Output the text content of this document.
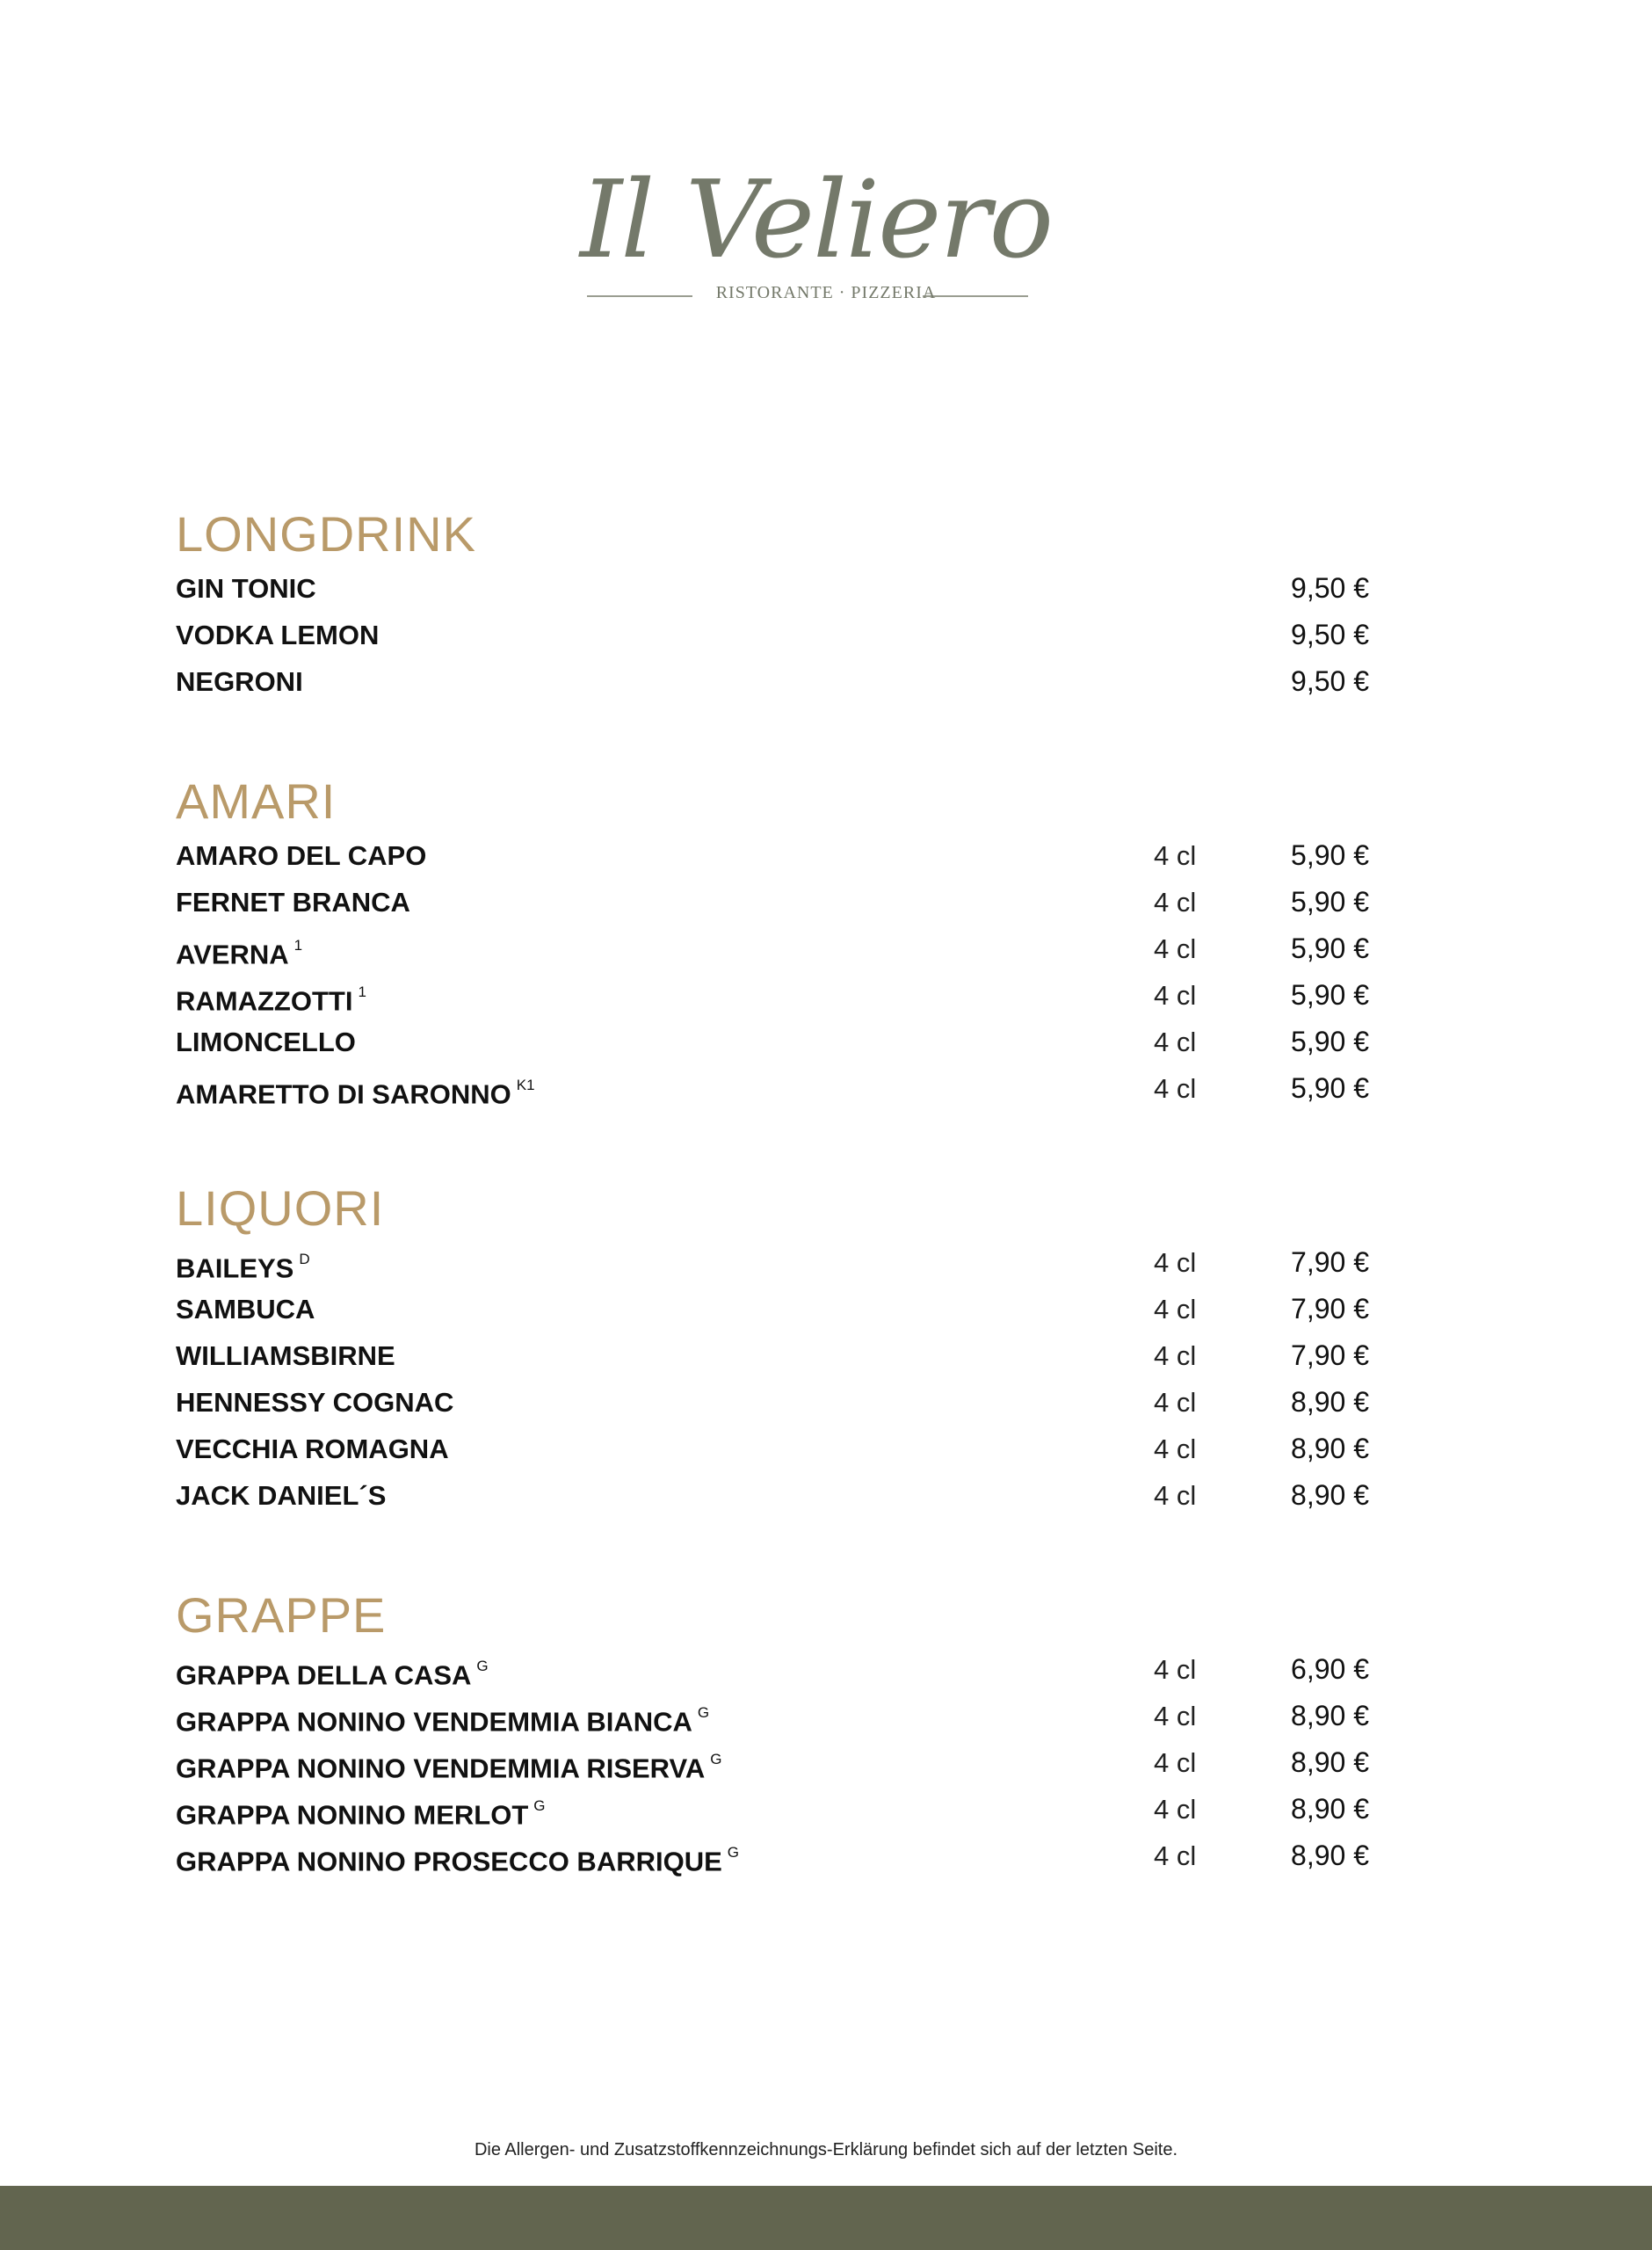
Il Veliero
RISTORANTE · PIZZERIA
LONGDRINK
GIN TONIC	9,50 €
VODKA LEMON	9,50 €
NEGRONI	9,50 €
AMARI
AMARO DEL CAPO	4 cl	5,90 €
FERNET BRANCA	4 cl	5,90 €
AVERNA $^1$	4 cl	5,90 €
RAMAZZOTTI $^1$	4 cl	5,90 €
LIMONCELLO	4 cl	5,90 €
AMARETTO DI SARONNO $^{K1}$	4 cl	5,90 €
LIQUORI
BAILEYS $^D$	4 cl	7,90 €
SAMBUCA	4 cl	7,90 €
WILLIAMSBIRNE	4 cl	7,90 €
HENNESSY COGNAC	4 cl	8,90 €
VECCHIA ROMAGNA	4 cl	8,90 €
JACK DANIEL´S	4 cl	8,90 €
GRAPPE
GRAPPA DELLA CASA $^G$	4 cl	6,90 €
GRAPPA NONINO VENDEMMIA BIANCA $^G$	4 cl	8,90 €
GRAPPA NONINO VENDEMMIA RISERVA $^G$	4 cl	8,90 €
GRAPPA NONINO MERLOT $^G$	4 cl	8,90 €
GRAPPA NONINO PROSECCO BARRIQUE $^G$	4 cl	8,90 €
Die Allergen- und Zusatzstoffkennzeichnungs-Erklärung befindet sich auf der letzten Seite.
